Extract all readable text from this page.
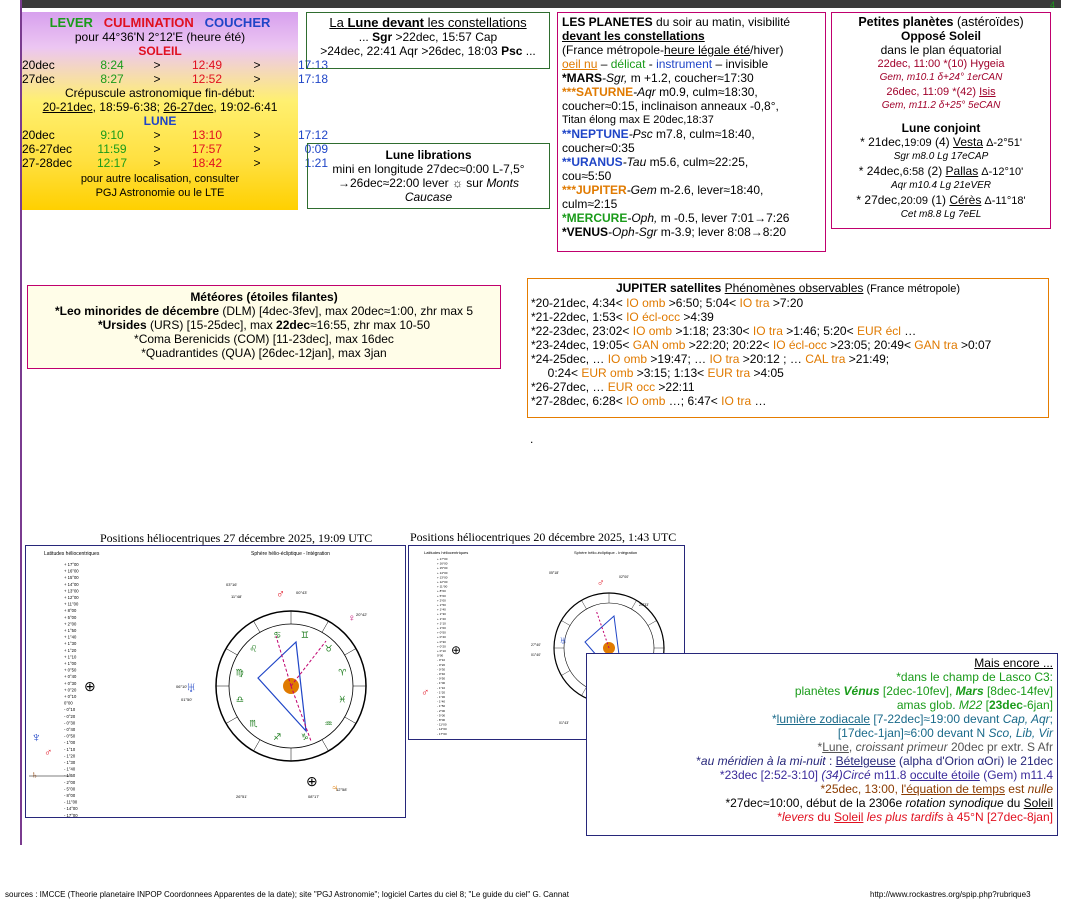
4
LEVER CULMINATION COUCHER
pour 44°36'N 2°12'E (heure été)
SOLEIL
20dec	8:24	>	12:49	>	17:13
27dec	8:27	>	12:52	>	17:18
Crépuscule astronomique fin-début:
20-21dec, 18:59-6:38; 26-27dec, 19:02-6:41
LUNE
20dec	9:10	>	13:10	>	17:12
26-27dec	11:59	>	17:57	>	0:09
27-28dec	12:17	>	18:42	>	1:21
pour autre localisation, consulter
PGJ Astronomie ou le LTE
La Lune devant les constellations
... Sgr >22dec, 15:57 Cap
>24dec, 22:41 Aqr >26dec, 18:03 Psc ...
Lune librations
mini en longitude 27dec≈0:00 L-7,5°
→26dec≈22:00 lever ☼ sur Monts
Caucase
LES PLANETES du soir au matin, visibilité
devant les constellations
(France métropole-heure légale été/hiver)
oeil nu – délicat - instrument – invisible
*MARS-Sgr, m +1.2, coucher≈17:30
***SATURNE-Aqr m0.9, culm≈18:30,
coucher≈0:15, inclinaison anneaux -0,8°,
Titan élong max E 20dec,18:37
**NEPTUNE-Psc m7.8, culm≈18:40,
coucher≈0:35
**URANUS-Tau m5.6, culm≈22:25,
cou≈5:50
***JUPITER-Gem m-2.6, lever≈18:40,
culm≈2:15
*MERCURE-Oph, m -0.5, lever 7:01→7:26
*VENUS-Oph-Sgr m-3.9; lever 8:08→8:20
Petites planètes (astéroïdes)
Opposé Soleil
dans le plan équatorial
22dec, 11:00 *(10) Hygeia
Gem, m10.1 δ+24° 1erCAN
26dec, 11:09 *(42) Isis
Gem, m11.2 δ+25° 5eCAN
Lune conjoint
* 21dec,19:09 (4) Vesta Δ-2°51'
Sgr m8.0 Lg 17eCAP
* 24dec,6:58 (2) Pallas Δ-12°10'
Aqr m10.4 Lg 21eVER
* 27dec,20:09 (1) Cérès Δ-11°18'
Cet m8.8 Lg 7eEL
Météores (étoiles filantes)
*Leo minorides de décembre (DLM) [4dec-3fev], max 20dec≈1:00, zhr max 5
*Ursides (URS) [15-25dec], max 22dec≈16:55, zhr max 10-50
*Coma Berenicids (COM) [11-23dec], max 16dec
*Quadrantides (QUA) [26dec-12jan], max 3jan
JUPITER satellites Phénomènes observables (France métropole)
*20-21dec, 4:34< IO omb >6:50; 5:04< IO tra >7:20
*21-22dec, 1:53< IO écl-occ >4:39
*22-23dec, 23:02< IO omb >1:18; 23:30< IO tra >1:46; 5:20< EUR écl …
*23-24dec, 19:05< GAN omb >22:20; 20:22< IO écl-occ >23:05; 20:49< GAN tra >0:07
*24-25dec, … IO omb >19:47; … IO tra >20:12 ; … CAL tra >21:49;
0:24< EUR omb >3:15; 1:13< EUR tra >4:05
*26-27dec, … EUR occ >22:11
*27-28dec, 6:28< IO omb …; 6:47< IO tra …
.
Positions héliocentriques 27 décembre 2025, 19:09 UTC
Latitudes héliocentriques	Sphère hélio-écliptique - Intégration
+ 17°00
+ 16°00
+ 15°00
+ 14°00
+ 13°00
+ 12°00
+ 11°00
+ 8°00
+ 5°00
+ 2°00
+ 1°50
+ 1°40
+ 1°30
+ 1°20
+ 1°10
+ 1°00
+ 0°50
+ 0°40
+ 0°30
+ 0°20
+ 0°10
0°00
- 0°10
- 0°20
- 0°30
- 0°40
- 0°50
- 1°00
- 1°10
- 1°20
- 1°30
- 1°40
- 1°50
- 2°00
- 5°00
- 8°00
- 11°00
- 14°00
- 17°00
♈
♉
♊
♋
♌
♍
♎
♏
♐ ♑
♒
♓
♂
♀
♅
♃
⊕
⊕
♆
♂
♄
11°48'
00°43'
03°16'
20°42'
06°10'
01°50'
26°51'	08°17'
12°58'
Positions héliocentriques 20 décembre 2025, 1:43 UTC
Latitudes héliocentriques	Sphère hélio-écliptique - Intégration
+ 17°00
+ 16°00
+ 15°00
+ 14°00
+ 13°00
+ 12°00
+ 11°00
+ 8°00
+ 5°00
+ 2°00
+ 1°50
+ 1°40
+ 1°30
+ 1°20
+ 1°10
+ 1°00
+ 0°50
+ 0°40
+ 0°30
+ 0°20
+ 0°10
0°00
- 0°10
- 0°20
- 0°30
- 0°40
- 0°50
- 1°00
- 1°10
- 1°20
- 1°30
- 1°40
- 1°50
- 2°00
- 5°00
- 8°00
- 11°00
- 14°00
- 17°00
♂
♅
⊕
♂
05°18'
02°00'
27°40'
01°40'
01°43'
29°33'
Mais encore ...
*dans le champ de Lasco C3:
planètes Vénus [2dec-10fev], Mars [8dec-14fev]
amas glob. M22 [23dec-6jan]
*lumière zodiacale [7-22dec]≈19:00 devant Cap, Aqr;
[17dec-1jan]≈6:00 devant N Sco, Lib, Vir
*Lune, croissant primeur 20dec pr extr. S Afr
*au méridien à la mi-nuit : Bételgeuse (alpha d'Orion αOri) le 21dec
*23dec [2:52-3:10] (34)Circé m11.8 occulte étoile (Gem) m11.4
*25dec, 13:00, l'équation de temps est nulle
*27dec≈10:00, début de la 2306e rotation synodique du Soleil
*levers du Soleil les plus tardifs à 45°N [27dec-8jan]
sources : IMCCE (Theorie planetaire INPOP Coordonnees Apparentes de la date); site "PGJ Astronomie"; logiciel Cartes du ciel 8; "Le guide du ciel" G. Cannat	http://www.rockastres.org/spip.php?rubrique3
